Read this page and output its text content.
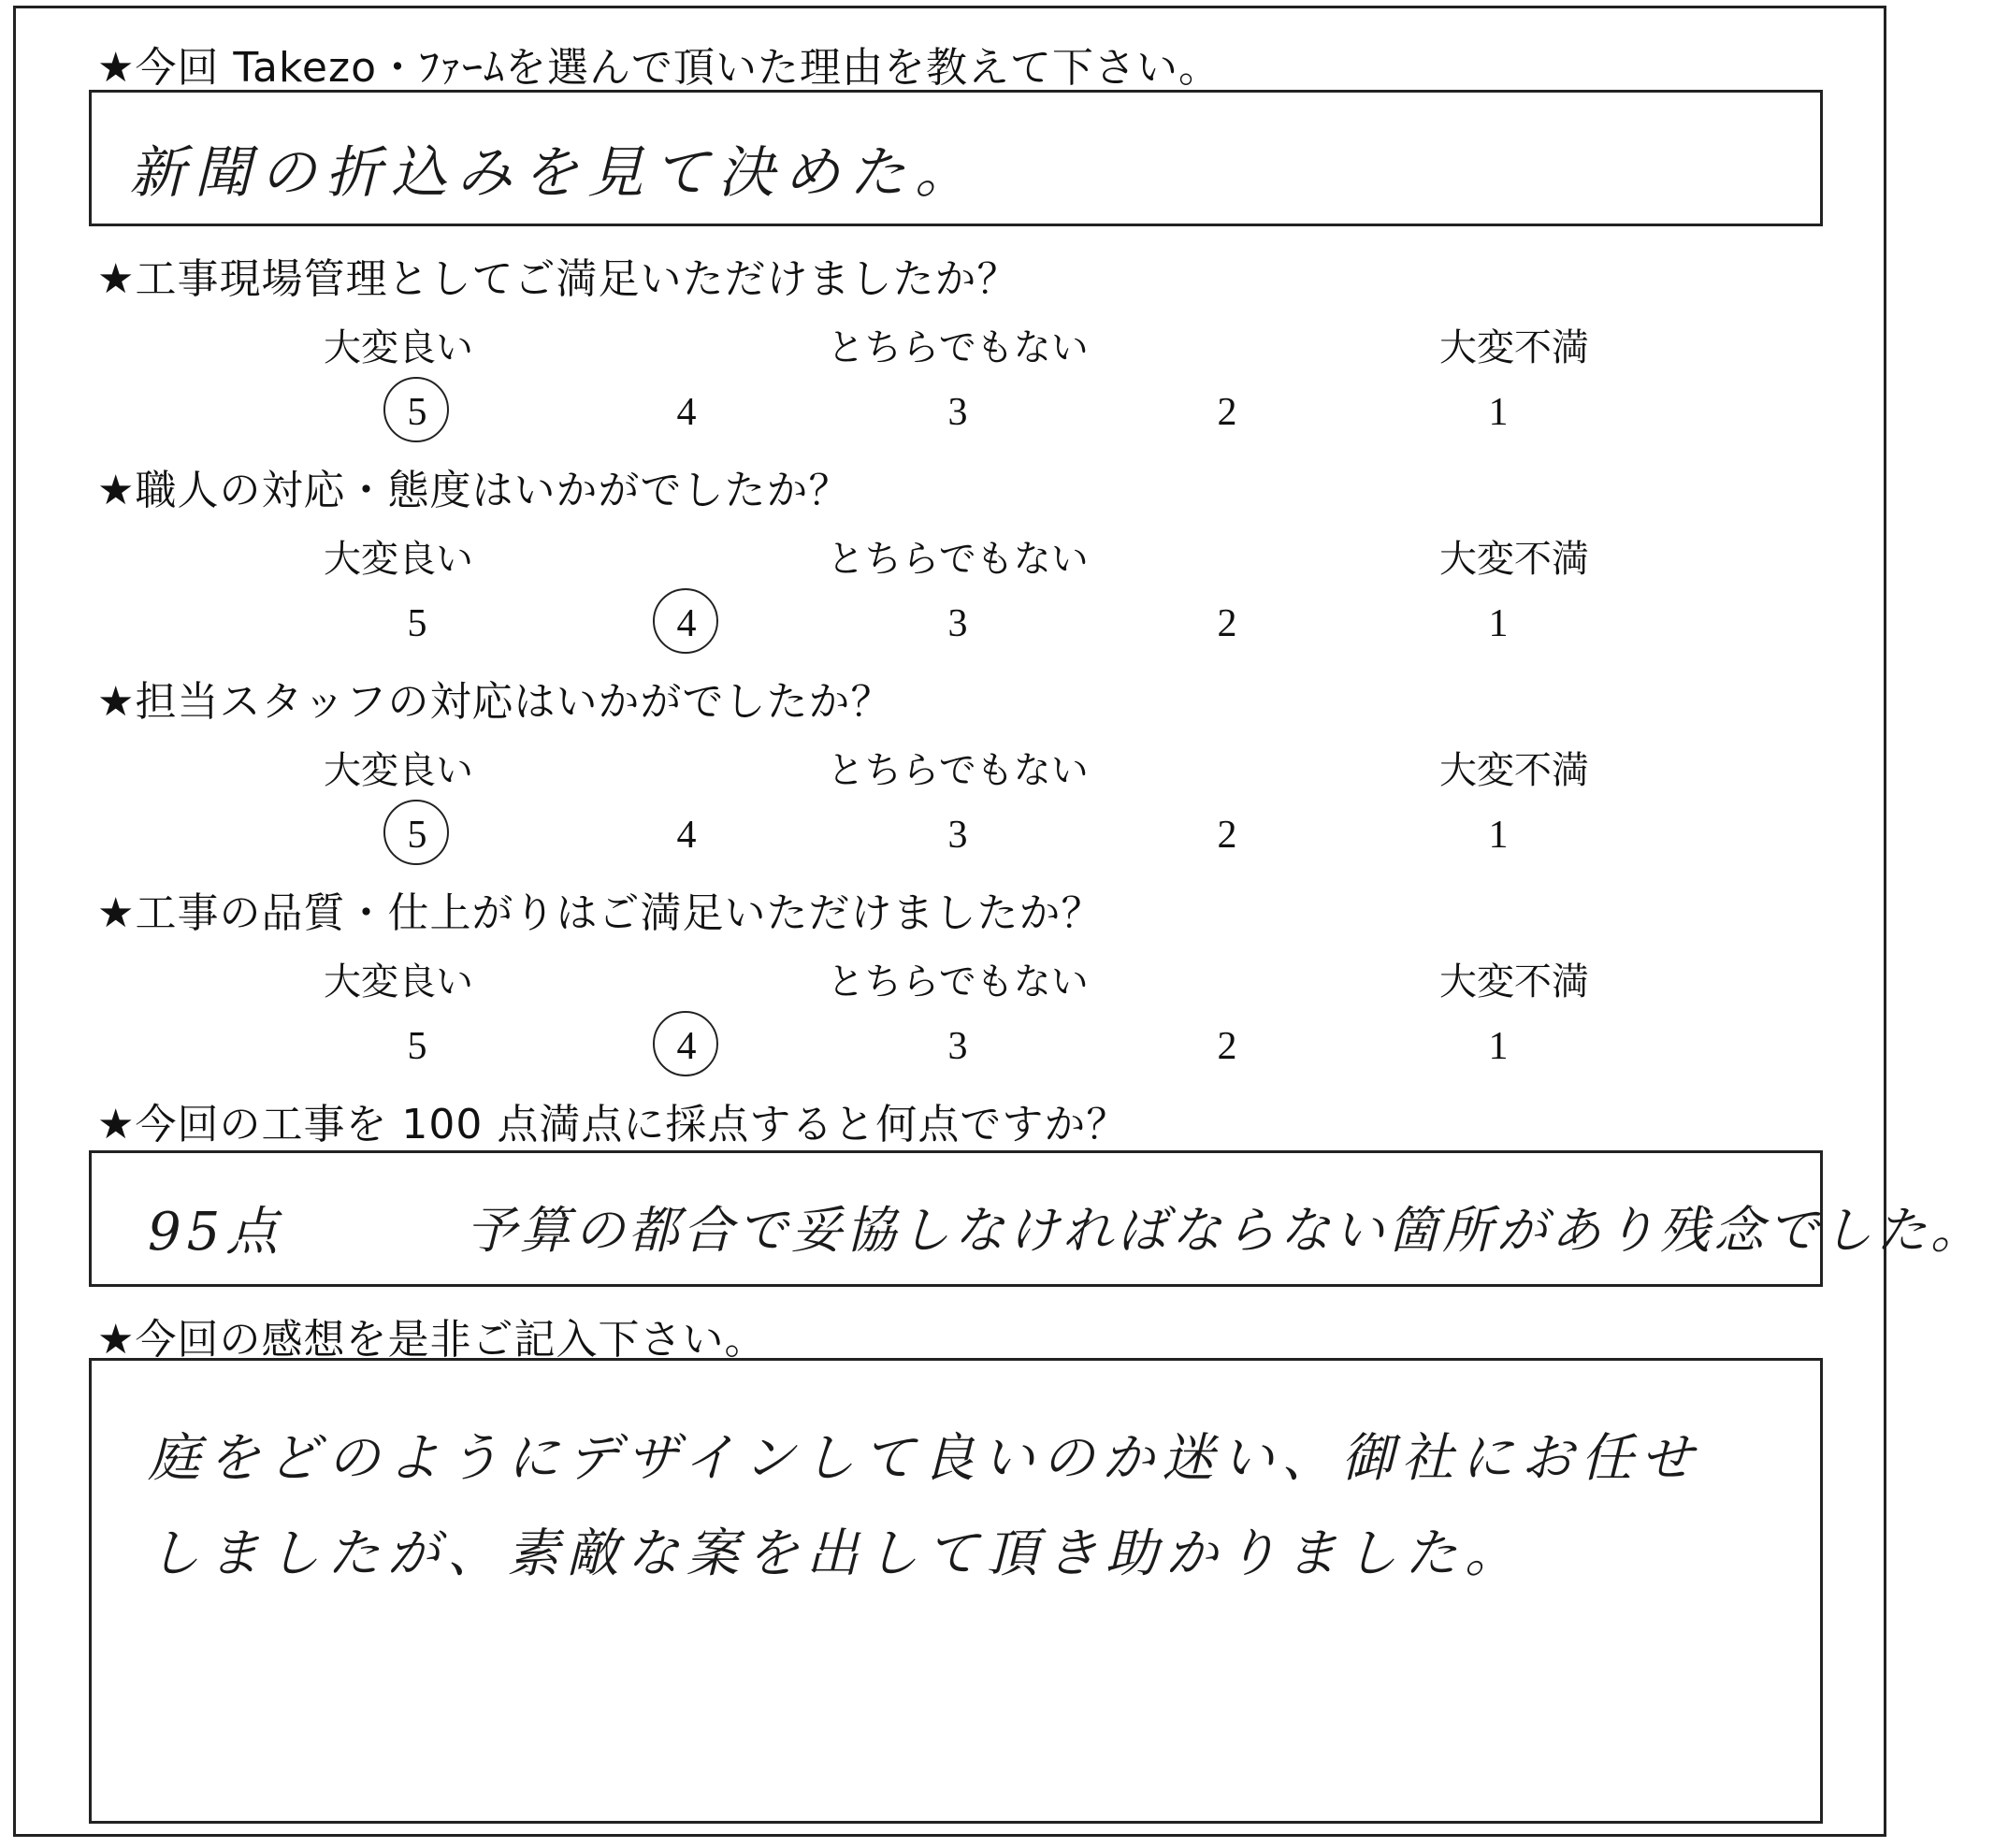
★今回 Takezo・ﾌｧｰﾑを選んで頂いた理由を教えて下さい。
新聞の折込みを見て決めた。
★工事現場管理としてご満足いただけましたか？
大変良い	とちらでもない	大変不満
5	4	3	2	1
★職人の対応・態度はいかがでしたか？
大変良い	とちらでもない	大変不満
5	4	3	2	1
★担当スタッフの対応はいかがでしたか？
大変良い	とちらでもない	大変不満
5	4	3	2	1
★工事の品質・仕上がりはご満足いただけましたか？
大変良い	とちらでもない	大変不満
5	4	3	2	1
★今回の工事を 100 点満点に採点すると何点ですか？
95点	予算の都合で妥協しなければならない箇所があり残念でした。
★今回の感想を是非ご記入下さい。
庭をどのようにデザインして良いのか迷い、御社にお任せ
しましたが、素敵な案を出して頂き助かりました。
